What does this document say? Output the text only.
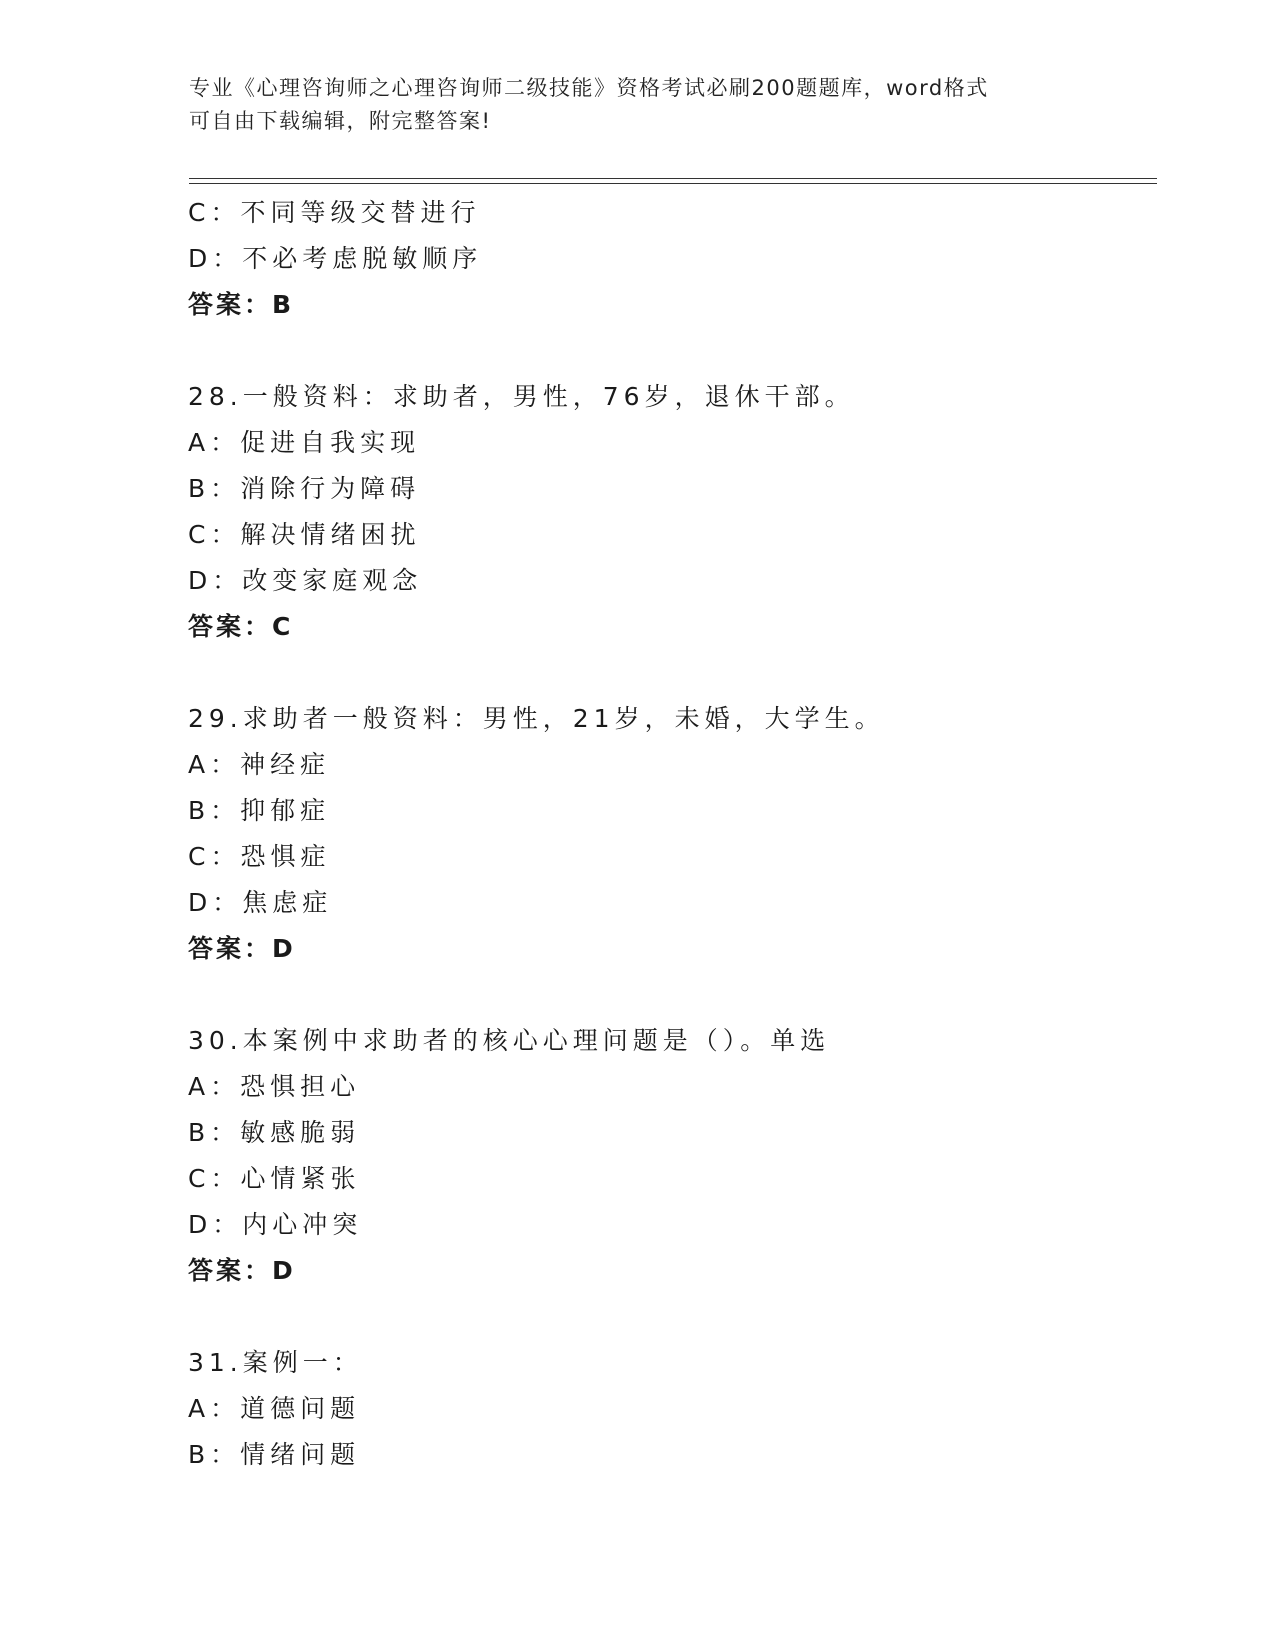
专业《心理咨询师之心理咨询师二级技能》资格考试必刷200题题库，word格式
可自由下载编辑，附完整答案!
C：不同等级交替进行
D：不必考虑脱敏顺序
答案：B
28.一般资料：求助者，男性，76岁，退休干部。
A：促进自我实现
B：消除行为障碍
C：解决情绪困扰
D：改变家庭观念
答案：C
29.求助者一般资料：男性，21岁，未婚，大学生。
A：神经症
B：抑郁症
C：恐惧症
D：焦虑症
答案：D
30.本案例中求助者的核心心理问题是（）。单选
A：恐惧担心
B：敏感脆弱
C：心情紧张
D：内心冲突
答案：D
31.案例一：
A：道德问题
B：情绪问题
